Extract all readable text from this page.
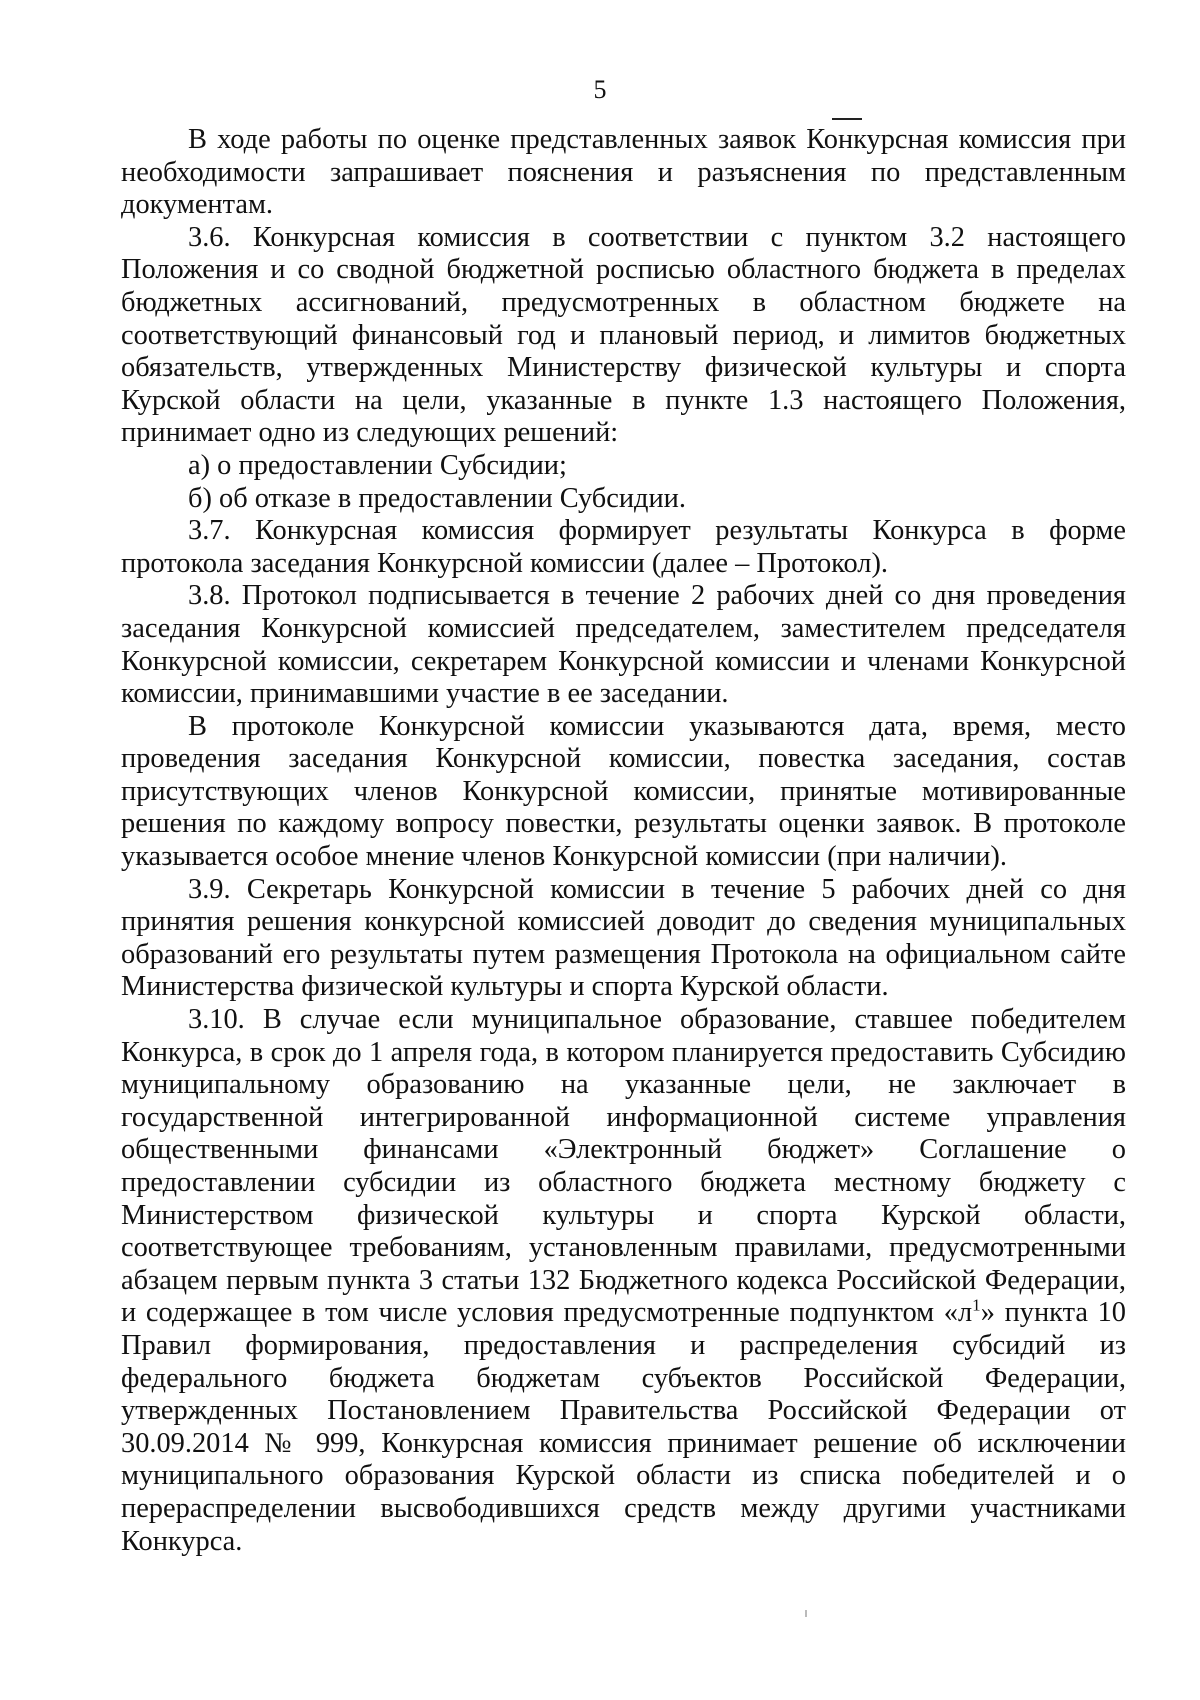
5

В ходе работы по оценке представленных заявок Конкурсная комиссия при необходимости запрашивает пояснения и разъяснения по представленным документам.

3.6. Конкурсная комиссия в соответствии с пунктом 3.2 настоящего Положения и со сводной бюджетной росписью областного бюджета в пределах бюджетных ассигнований, предусмотренных в областном бюджете на соответствующий финансовый год и плановый период, и лимитов бюджетных обязательств, утвержденных Министерству физической культуры и спорта Курской области на цели, указанные в пункте 1.3 настоящего Положения, принимает одно из следующих решений:

а) о предоставлении Субсидии;

б) об отказе в предоставлении Субсидии.

3.7. Конкурсная комиссия формирует результаты Конкурса в форме протокола заседания Конкурсной комиссии (далее – Протокол).

3.8. Протокол подписывается в течение 2 рабочих дней со дня проведения заседания Конкурсной комиссией председателем, заместителем председателя Конкурсной комиссии, секретарем Конкурсной комиссии и членами Конкурсной комиссии, принимавшими участие в ее заседании.

В протоколе Конкурсной комиссии указываются дата, время, место проведения заседания Конкурсной комиссии, повестка заседания, состав присутствующих членов Конкурсной комиссии, принятые мотивированные решения по каждому вопросу повестки, результаты оценки заявок. В протоколе указывается особое мнение членов Конкурсной комиссии (при наличии).

3.9. Секретарь Конкурсной комиссии в течение 5 рабочих дней со дня принятия решения конкурсной комиссией доводит до сведения муниципальных образований его результаты путем размещения Протокола на официальном сайте Министерства физической культуры и спорта Курской области.

3.10. В случае если муниципальное образование, ставшее победителем Конкурса, в срок до 1 апреля года, в котором планируется предоставить Субсидию муниципальному образованию на указанные цели, не заключает в государственной интегрированной информационной системе управления общественными финансами «Электронный бюджет» Соглашение о предоставлении субсидии из областного бюджета местному бюджету с Министерством физической культуры и спорта Курской области, соответствующее требованиям, установленным правилами, предусмотренными абзацем первым пункта 3 статьи 132 Бюджетного кодекса Российской Федерации, и содержащее в том числе условия предусмотренные подпунктом «$л^1$» пункта 10 Правил формирования, предоставления и распределения субсидий из федерального бюджета бюджетам субъектов Российской Федерации, утвержденных Постановлением Правительства Российской Федерации от 30.09.2014 № 999, Конкурсная комиссия принимает решение об исключении муниципального образования Курской области из списка победителей и о перераспределении высвободившихся средств между другими участниками Конкурса.
